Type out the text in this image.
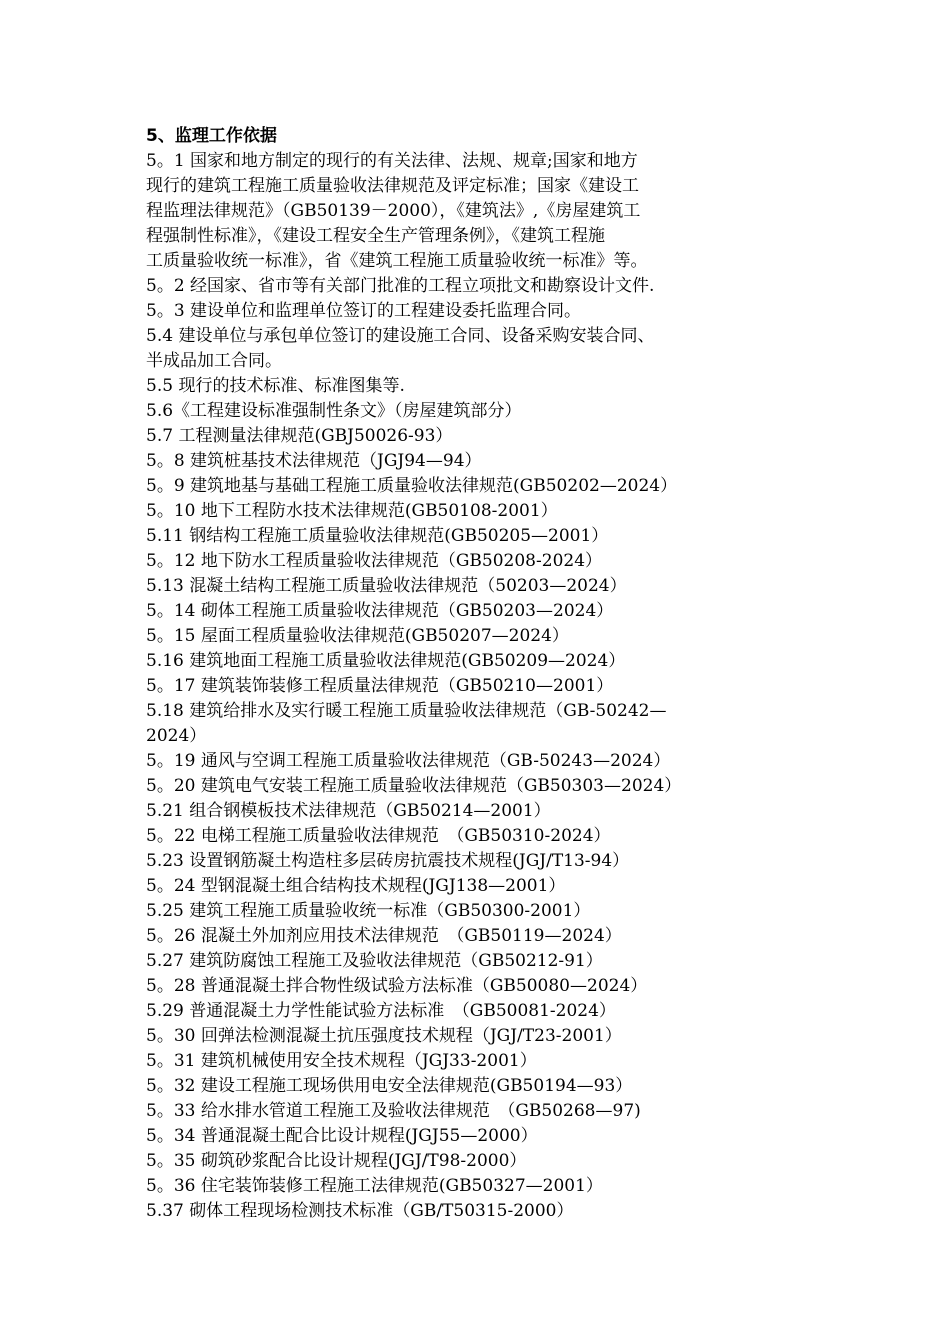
5、监理工作依据
5。1 国家和地方制定的现行的有关法律、法规、规章;国家和地方
现行的建筑工程施工质量验收法律规范及评定标准；国家《建设工
程监理法律规范》（GB50139－2000），《建筑法》,《房屋建筑工
程强制性标准》，《建设工程安全生产管理条例》，《建筑工程施
工质量验收统一标准》，省《建筑工程施工质量验收统一标准》等。
5。2 经国家、省市等有关部门批准的工程立项批文和勘察设计文件.
5。3 建设单位和监理单位签订的工程建设委托监理合同。
5.4 建设单位与承包单位签订的建设施工合同、设备采购安装合同、
半成品加工合同。
5.5 现行的技术标准、标准图集等.
5.6《工程建设标准强制性条文》（房屋建筑部分）
5.7 工程测量法律规范(GBJ50026-93）
5。8 建筑桩基技术法律规范（JGJ94—94）
5。9 建筑地基与基础工程施工质量验收法律规范(GB50202—2024）
5。10 地下工程防水技术法律规范(GB50108-2001）
5.11 钢结构工程施工质量验收法律规范(GB50205—2001）
5。12 地下防水工程质量验收法律规范（GB50208-2024）
5.13 混凝土结构工程施工质量验收法律规范（50203—2024）
5。14 砌体工程施工质量验收法律规范（GB50203—2024）
5。15 屋面工程质量验收法律规范(GB50207—2024）
5.16 建筑地面工程施工质量验收法律规范(GB50209—2024）
5。17 建筑装饰装修工程质量法律规范（GB50210—2001）
5.18 建筑给排水及实行暖工程施工质量验收法律规范（GB-50242—
2024）
5。19 通风与空调工程施工质量验收法律规范（GB-50243—2024）
5。20 建筑电气安装工程施工质量验收法律规范（GB50303—2024）
5.21 组合钢模板技术法律规范（GB50214—2001）
5。22 电梯工程施工质量验收法律规范　（GB50310-2024）
5.23 设置钢筋凝土构造柱多层砖房抗震技术规程(JGJ/T13-94）
5。24 型钢混凝土组合结构技术规程(JGJ138—2001）
5.25 建筑工程施工质量验收统一标准（GB50300-2001）
5。26 混凝土外加剂应用技术法律规范　（GB50119—2024）
5.27 建筑防腐蚀工程施工及验收法律规范（GB50212-91）
5。28 普通混凝土拌合物性级试验方法标准（GB50080—2024）
5.29 普通混凝土力学性能试验方法标准　（GB50081-2024）
5。30 回弹法检测混凝土抗压强度技术规程（JGJ/T23-2001）
5。31 建筑机械使用安全技术规程（JGJ33-2001）
5。32 建设工程施工现场供用电安全法律规范(GB50194—93）
5。33 给水排水管道工程施工及验收法律规范　（GB50268—97)
5。34 普通混凝土配合比设计规程(JGJ55—2000）
5。35 砌筑砂浆配合比设计规程(JGJ/T98-2000）
5。36 住宅装饰装修工程施工法律规范(GB50327—2001）
5.37 砌体工程现场检测技术标准（GB/T50315-2000）
